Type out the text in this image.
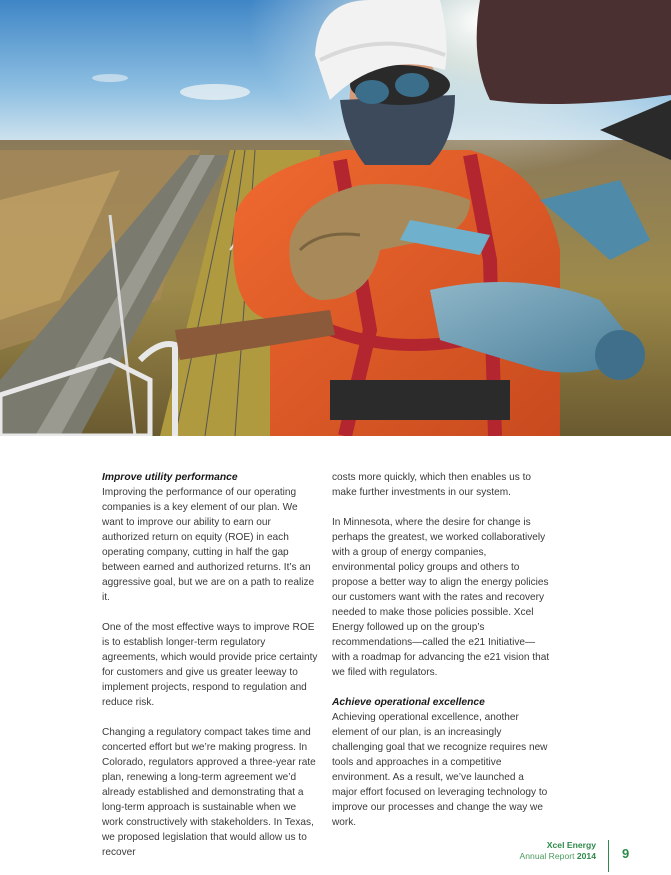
Improve utility performance

Improving the performance of our operating companies is a key element of our plan. We want to improve our ability to earn our authorized return on equity (ROE) in each operating company, cutting in half the gap between earned and authorized returns. It’s an aggressive goal, but we are on a path to realize it.

One of the most effective ways to improve ROE is to establish longer-term regulatory agreements, which would provide price certainty for customers and give us greater leeway to implement projects, respond to regulation and reduce risk.

Changing a regulatory compact takes time and concerted effort but we’re making progress. In Colorado, regulators approved a three-year rate plan, renewing a long-term agreement we’d already established and demonstrating that a long-term approach is sustainable when we work constructively with stakeholders. In Texas, we proposed legislation that would allow us to recover

costs more quickly, which then enables us to make further investments in our system.

In Minnesota, where the desire for change is perhaps the greatest, we worked collaboratively with a group of energy companies, environmental policy groups and others to propose a better way to align the energy policies our customers want with the rates and recovery needed to make those policies possible. Xcel Energy followed up on the group’s recommendations—called the e21 Initiative—with a roadmap for advancing the e21 vision that we filed with regulators.

Achieve operational excellence

Achieving operational excellence, another element of our plan, is an increasingly challenging goal that we recognize requires new tools and approaches in a competitive environment. As a result, we’ve launched a major effort focused on leveraging technology to improve our processes and change the way we work.

Xcel Energy
Annual Report 2014 9
